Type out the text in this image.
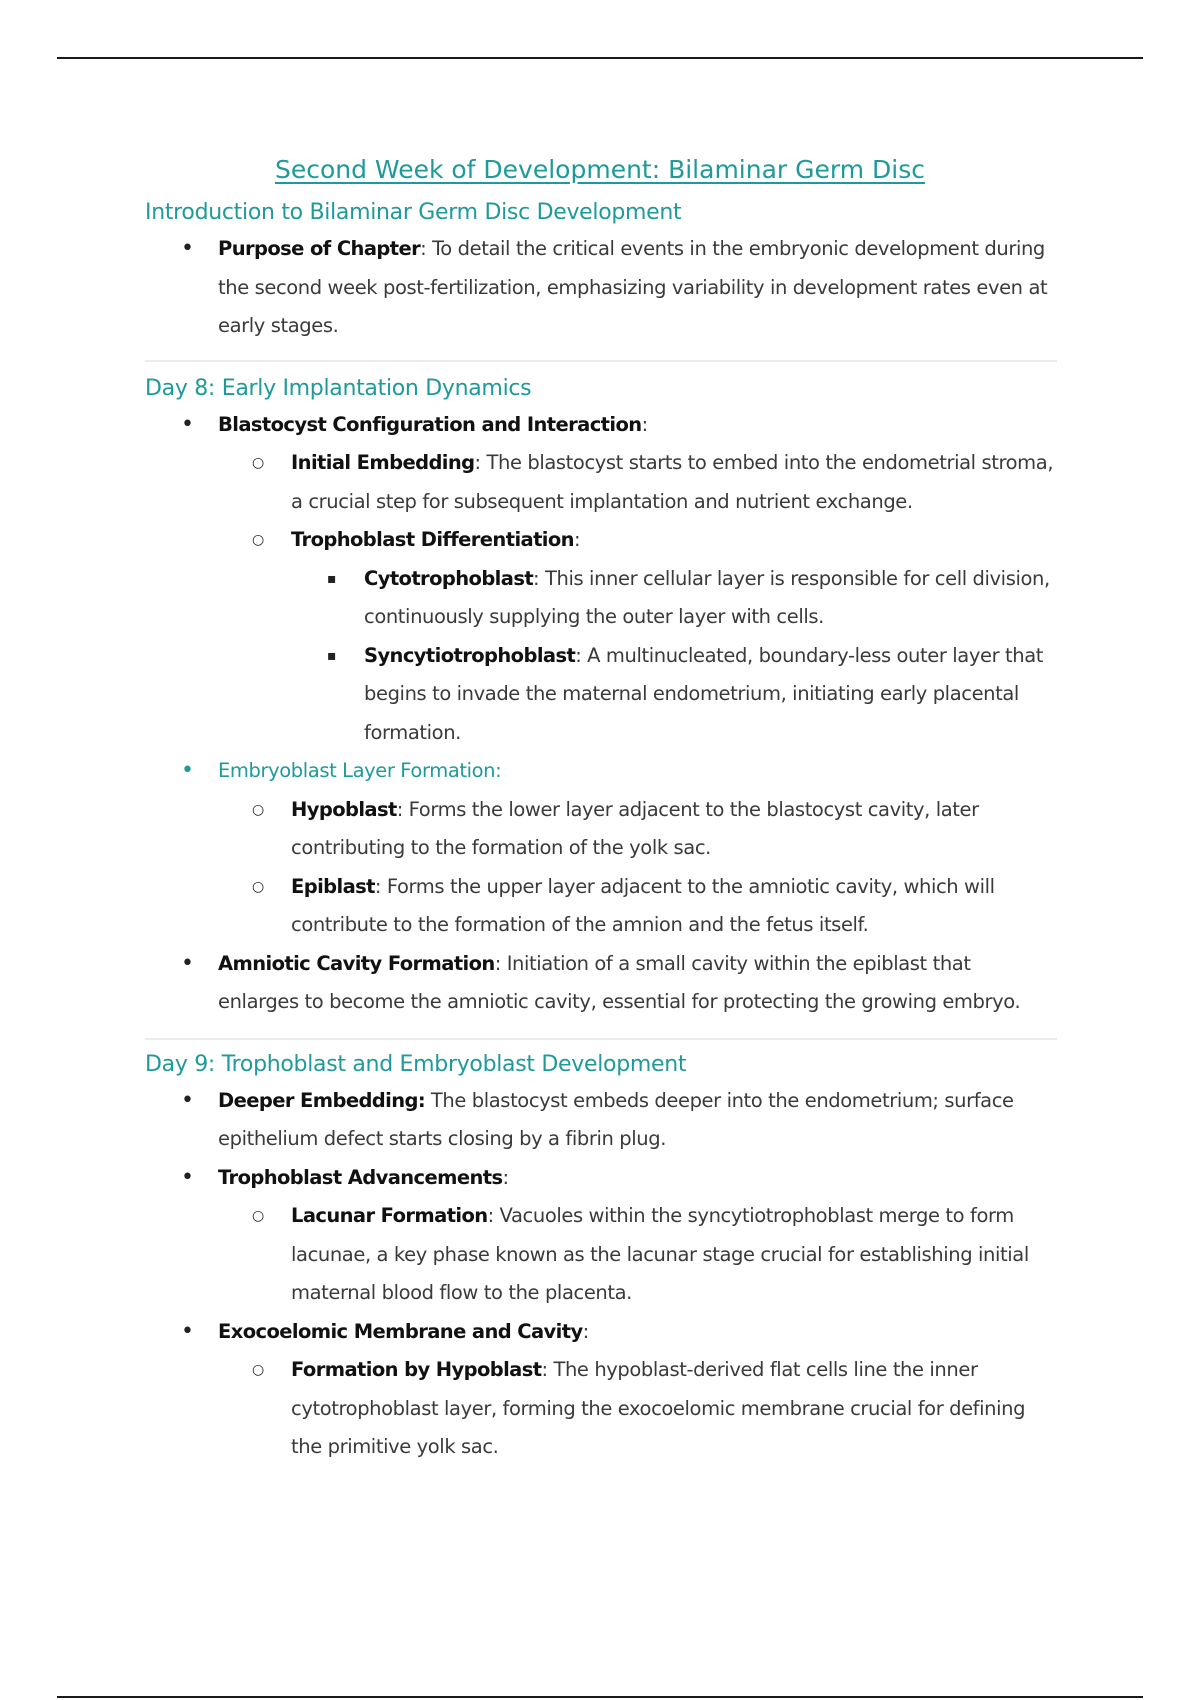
Second Week of Development: Bilaminar Germ Disc
Introduction to Bilaminar Germ Disc Development
• Purpose of Chapter: To detail the critical events in the embryonic development during the second week post-fertilization, emphasizing variability in development rates even at early stages.
Day 8: Early Implantation Dynamics
• Blastocyst Configuration and Interaction:
○ Initial Embedding: The blastocyst starts to embed into the endometrial stroma, a crucial step for subsequent implantation and nutrient exchange.
○ Trophoblast Differentiation:
▪ Cytotrophoblast: This inner cellular layer is responsible for cell division, continuously supplying the outer layer with cells.
▪ Syncytiotrophoblast: A multinucleated, boundary-less outer layer that begins to invade the maternal endometrium, initiating early placental formation.
• Embryoblast Layer Formation:
○ Hypoblast: Forms the lower layer adjacent to the blastocyst cavity, later contributing to the formation of the yolk sac.
○ Epiblast: Forms the upper layer adjacent to the amniotic cavity, which will contribute to the formation of the amnion and the fetus itself.
• Amniotic Cavity Formation: Initiation of a small cavity within the epiblast that enlarges to become the amniotic cavity, essential for protecting the growing embryo.
Day 9: Trophoblast and Embryoblast Development
• Deeper Embedding: The blastocyst embeds deeper into the endometrium; surface epithelium defect starts closing by a fibrin plug.
• Trophoblast Advancements:
○ Lacunar Formation: Vacuoles within the syncytiotrophoblast merge to form lacunae, a key phase known as the lacunar stage crucial for establishing initial maternal blood flow to the placenta.
• Exocoelomic Membrane and Cavity:
○ Formation by Hypoblast: The hypoblast-derived flat cells line the inner cytotrophoblast layer, forming the exocoelomic membrane crucial for defining the primitive yolk sac.
